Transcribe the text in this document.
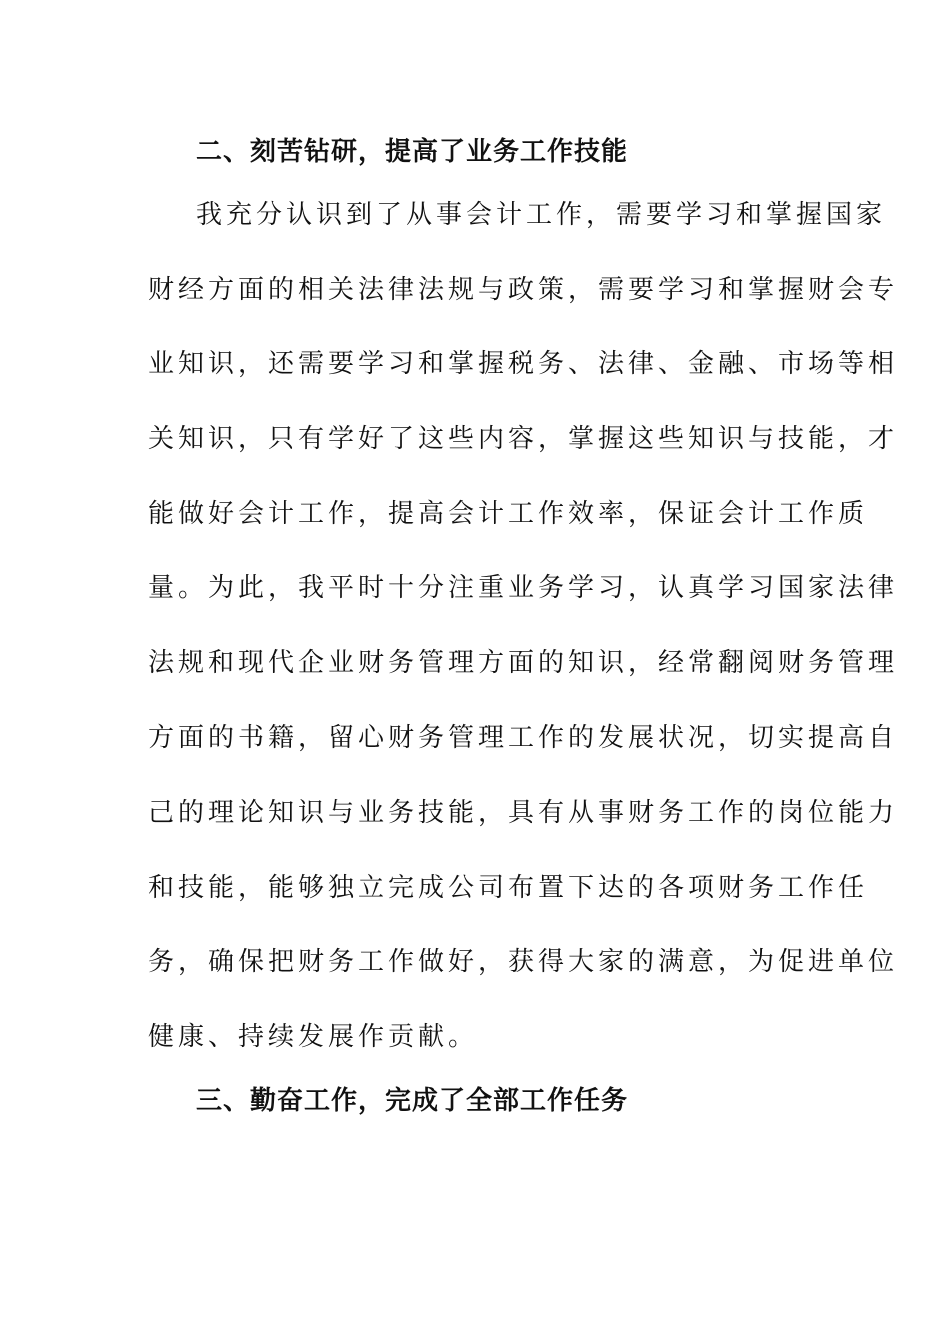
二、刻苦钻研，提高了业务工作技能
我充分认识到了从事会计工作，需要学习和掌握国家
财经方面的相关法律法规与政策，需要学习和掌握财会专
业知识，还需要学习和掌握税务、法律、金融、市场等相
关知识，只有学好了这些内容，掌握这些知识与技能，才
能做好会计工作，提高会计工作效率，保证会计工作质
量。为此，我平时十分注重业务学习，认真学习国家法律
法规和现代企业财务管理方面的知识，经常翻阅财务管理
方面的书籍，留心财务管理工作的发展状况，切实提高自
己的理论知识与业务技能，具有从事财务工作的岗位能力
和技能，能够独立完成公司布置下达的各项财务工作任
务，确保把财务工作做好，获得大家的满意，为促进单位
健康、持续发展作贡献。
三、勤奋工作，完成了全部工作任务
